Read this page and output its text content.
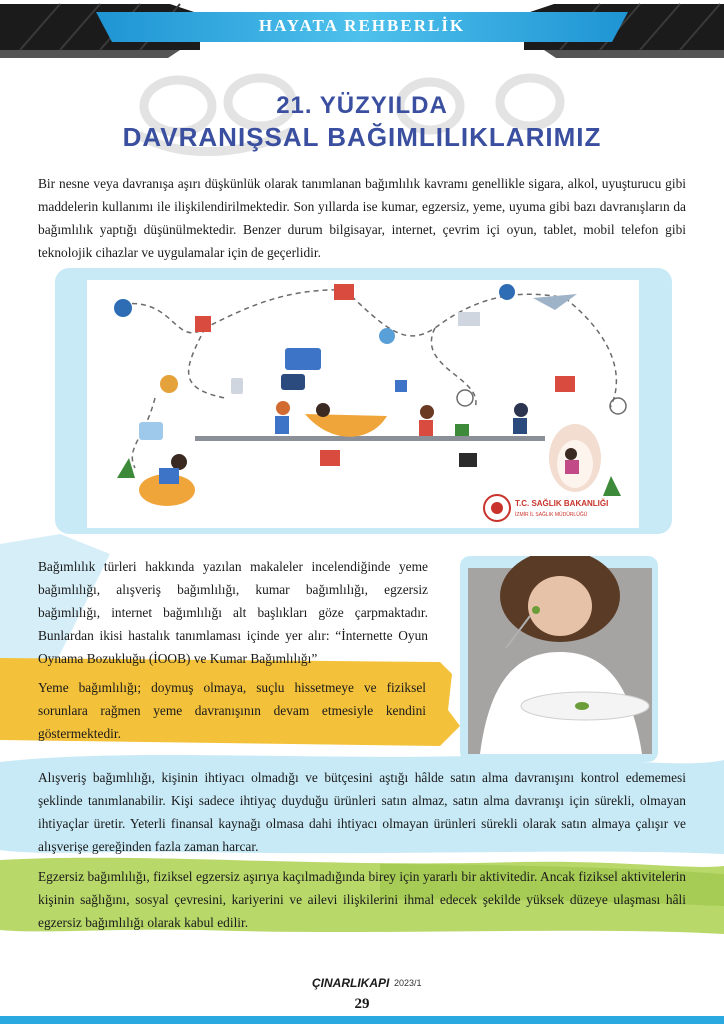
HAYATA REHBERLİK
21. YÜZYILDA
DAVRANIŞSAL BAĞIMLILIKLARIMIZ

Bir nesne veya davranışa aşırı düşkünlük olarak tanımlanan bağımlılık kavramı genellikle sigara, alkol, uyuşturucu gibi maddelerin kullanımı ile ilişkilendirilmektedir. Son yıllarda ise kumar, egzersiz, yeme, uyuma gibi bazı davranışların da bağımlılık yaptığı düşünülmektedir. Benzer durum bilgisayar, internet, çevrim içi oyun, tablet, mobil telefon gibi teknolojik cihazlar ve uygulamalar için de geçerlidir.

T.C. SAĞLIK BAKANLIĞI
İZMİR İL SAĞLIK MÜDÜRLÜĞÜ

Bağımlılık türleri hakkında yazılan makaleler incelendiğinde yeme bağımlılığı, alışveriş bağımlılığı, kumar bağımlılığı, egzersiz bağımlılığı, internet bağımlılığı alt başlıkları göze çarpmaktadır. Bunlardan ikisi hastalık tanımlaması içinde yer alır: “İnternette Oyun Oynama Bozukluğu (İOOB) ve Kumar Bağımlılığı”

Yeme bağımlılığı; doymuş olmaya, suçlu hissetmeye ve fiziksel sorunlara rağmen yeme davranışının devam etmesiyle kendini göstermektedir.

Alışveriş bağımlılığı, kişinin ihtiyacı olmadığı ve bütçesini aştığı hâlde satın alma davranışını kontrol edememesi şeklinde tanımlanabilir. Kişi sadece ihtiyaç duyduğu ürünleri satın almaz, satın alma davranışı için sürekli, olmayan ihtiyaçlar üretir. Yeterli finansal kaynağı olmasa dahi ihtiyacı olmayan ürünleri sürekli olarak satın almaya çalışır ve alışverişe gereğinden fazla zaman harcar.

Egzersiz bağımlılığı, fiziksel egzersiz aşırıya kaçılmadığında birey için yararlı bir aktivitedir. Ancak fiziksel aktivitelerin kişinin sağlığını, sosyal çevresini, kariyerini ve ailevi ilişkilerini ihmal edecek şekilde yüksek düzeye ulaşması hâli egzersiz bağımlılığı olarak kabul edilir.

ÇINARLIKAPI 2023/1
29
